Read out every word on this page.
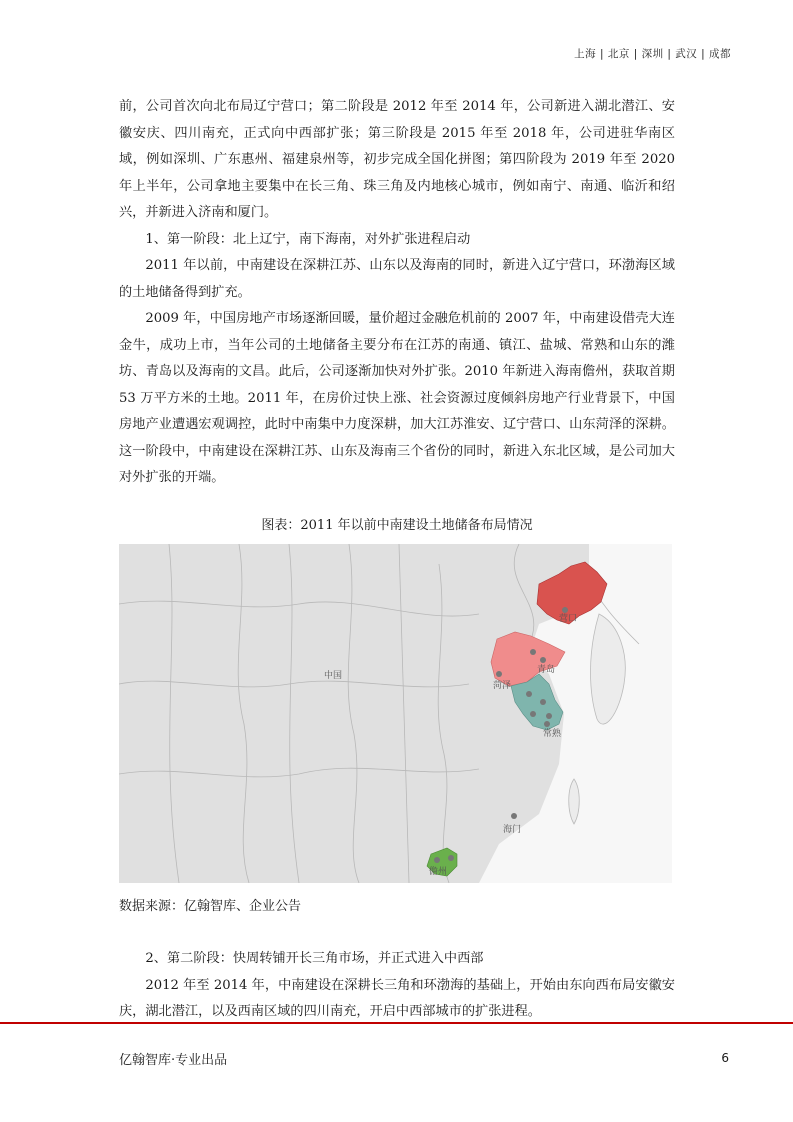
上海 | 北京 | 深圳 | 武汉 | 成都

前，公司首次向北布局辽宁营口；第二阶段是 2012 年至 2014 年，公司新进入湖北潜江、安徽安庆、四川南充，正式向中西部扩张；第三阶段是 2015 年至 2018 年，公司进驻华南区域，例如深圳、广东惠州、福建泉州等，初步完成全国化拼图；第四阶段为 2019 年至 2020 年上半年，公司拿地主要集中在长三角、珠三角及内地核心城市，例如南宁、南通、临沂和绍兴，并新进入济南和厦门。

1、第一阶段：北上辽宁，南下海南，对外扩张进程启动

2011 年以前，中南建设在深耕江苏、山东以及海南的同时，新进入辽宁营口，环渤海区域的土地储备得到扩充。

2009 年，中国房地产市场逐渐回暖，量价超过金融危机前的 2007 年，中南建设借壳大连金牛，成功上市，当年公司的土地储备主要分布在江苏的南通、镇江、盐城、常熟和山东的潍坊、青岛以及海南的文昌。此后，公司逐渐加快对外扩张。2010 年新进入海南儋州，获取首期 53 万平方米的土地。2011 年，在房价过快上涨、社会资源过度倾斜房地产行业背景下，中国房地产业遭遇宏观调控，此时中南集中力度深耕，加大江苏淮安、辽宁营口、山东菏泽的深耕。这一阶段中，中南建设在深耕江苏、山东及海南三个省份的同时，新进入东北区域，是公司加大对外扩张的开端。

图表：2011 年以前中南建设土地储备布局情况
中国
营口
青岛
菏泽
常熟
海门
儋州
数据来源：亿翰智库、企业公告

2、第二阶段：快周转铺开长三角市场，并正式进入中西部

2012 年至 2014 年，中南建设在深耕长三角和环渤海的基础上，开始由东向西布局安徽安庆，湖北潜江，以及西南区域的四川南充，开启中西部城市的扩张进程。

亿翰智库·专业出品	6
